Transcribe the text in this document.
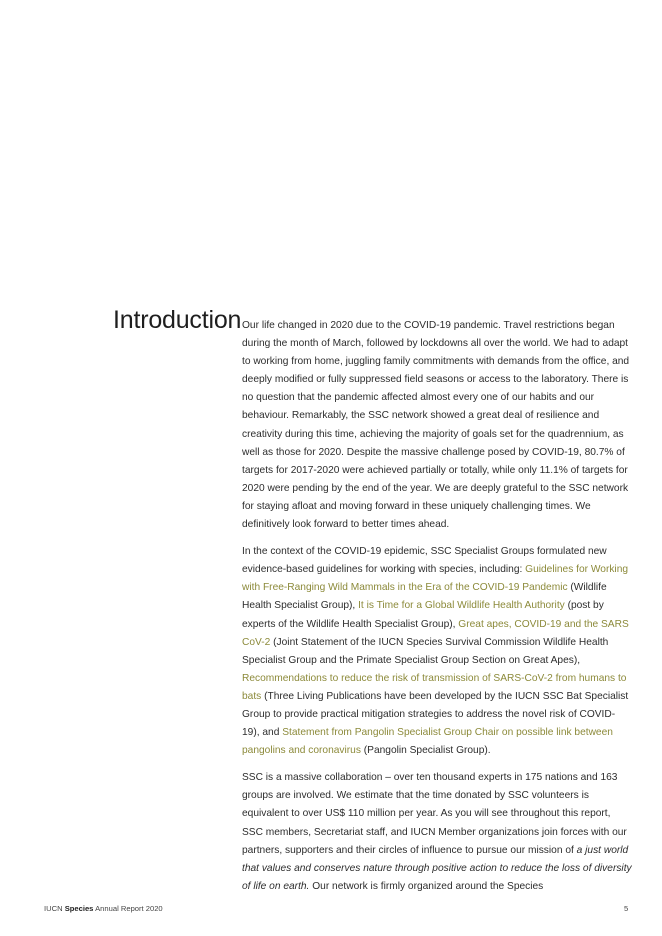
Introduction Our life changed in 2020 due to the COVID-19 pandemic. Travel restrictions began during the month of March, followed by lockdowns all over the world. We had to adapt to working from home, juggling family commitments with demands from the office, and deeply modified or fully suppressed field seasons or access to the laboratory. There is no question that the pandemic affected almost every one of our habits and our behaviour. Remarkably, the SSC network showed a great deal of resilience and creativity during this time, achieving the majority of goals set for the quadrennium, as well as those for 2020. Despite the massive challenge posed by COVID-19, 80.7% of targets for 2017-2020 were achieved partially or totally, while only 11.1% of targets for 2020 were pending by the end of the year. We are deeply grateful to the SSC network for staying afloat and moving forward in these uniquely challenging times. We definitively look forward to better times ahead.

In the context of the COVID-19 epidemic, SSC Specialist Groups formulated new evidence-based guidelines for working with species, including: Guidelines for Working with Free-Ranging Wild Mammals in the Era of the COVID-19 Pandemic (Wildlife Health Specialist Group), It is Time for a Global Wildlife Health Authority (post by experts of the Wildlife Health Specialist Group), Great apes, COVID-19 and the SARS CoV-2 (Joint Statement of the IUCN Species Survival Commission Wildlife Health Specialist Group and the Primate Specialist Group Section on Great Apes), Recommendations to reduce the risk of transmission of SARS-CoV-2 from humans to bats (Three Living Publications have been developed by the IUCN SSC Bat Specialist Group to provide practical mitigation strategies to address the novel risk of COVID-19), and Statement from Pangolin Specialist Group Chair on possible link between pangolins and coronavirus (Pangolin Specialist Group).

SSC is a massive collaboration – over ten thousand experts in 175 nations and 163 groups are involved. We estimate that the time donated by SSC volunteers is equivalent to over US$ 110 million per year. As you will see throughout this report, SSC members, Secretariat staff, and IUCN Member organizations join forces with our partners, supporters and their circles of influence to pursue our mission of a just world that values and conserves nature through positive action to reduce the loss of diversity of life on earth. Our network is firmly organized around the Species

IUCN Species Annual Report 2020	5
